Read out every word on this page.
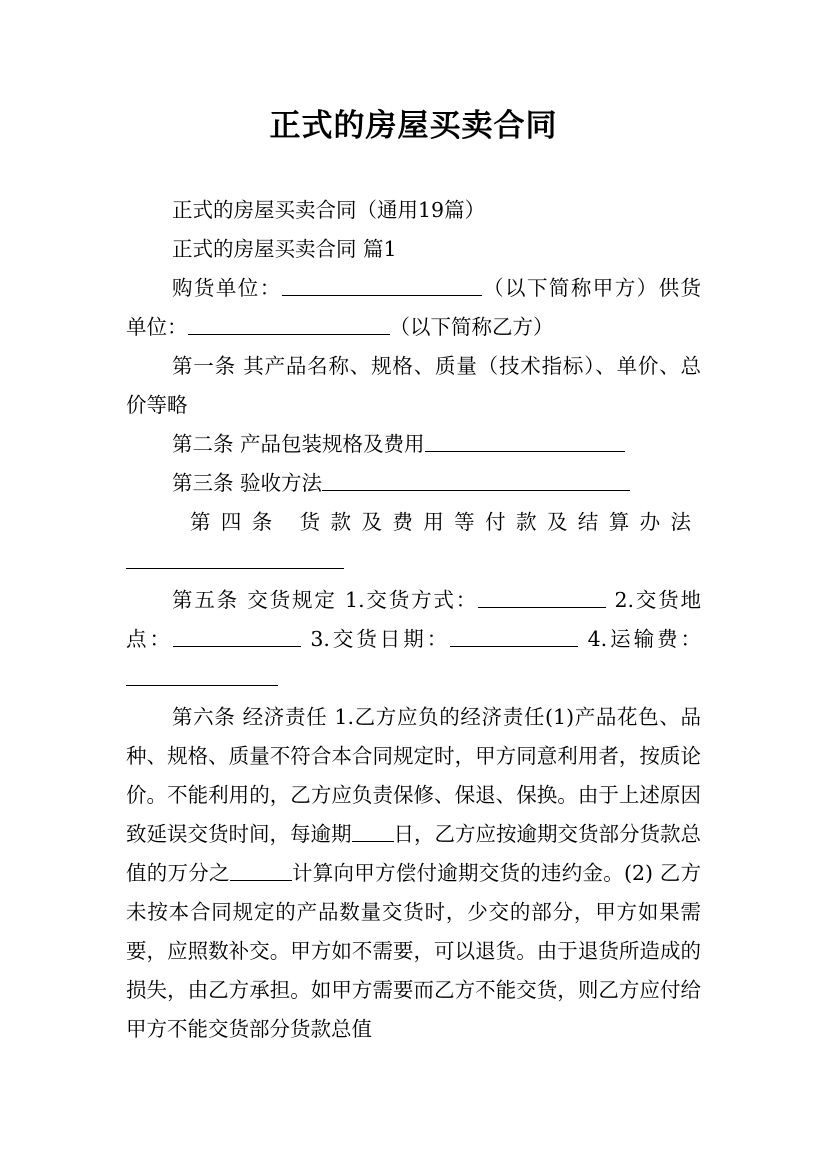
正式的房屋买卖合同

正式的房屋买卖合同（通用19篇）

正式的房屋买卖合同 篇1

购货单位：	（以下简称甲方）供货 单位：	（以下简称乙方）

第一条 其产品名称、规格、质量（技术指标）、单价、总价等略

第二条 产品包装规格及费用

第三条 验收方法

第四条 货款及费用等付款及结算办法

第五条 交货规定 1.交货方式：	2.交货地点：	3.交货日期：	4.运输费：

第六条 经济责任 1.乙方应负的经济责任(1)产品花色、品种、规格、质量不符合本合同规定时，甲方同意利用者，按质论价。不能利用的，乙方应负责保修、保退、保换。由于上述原因致延误交货时间，每逾期 日，乙方应按逾期交货部分货款总值的万分之	计算向甲方偿付逾期交货的违约金。(2) 乙方未按本合同规定的产品数量交货时，少交的部分，甲方如果需要，应照数补交。甲方如不需要，可以退货。由于退货所造成的损失，由乙方承担。如甲方需要而乙方不能交货，则乙方应付给甲方不能交货部分货款总值
